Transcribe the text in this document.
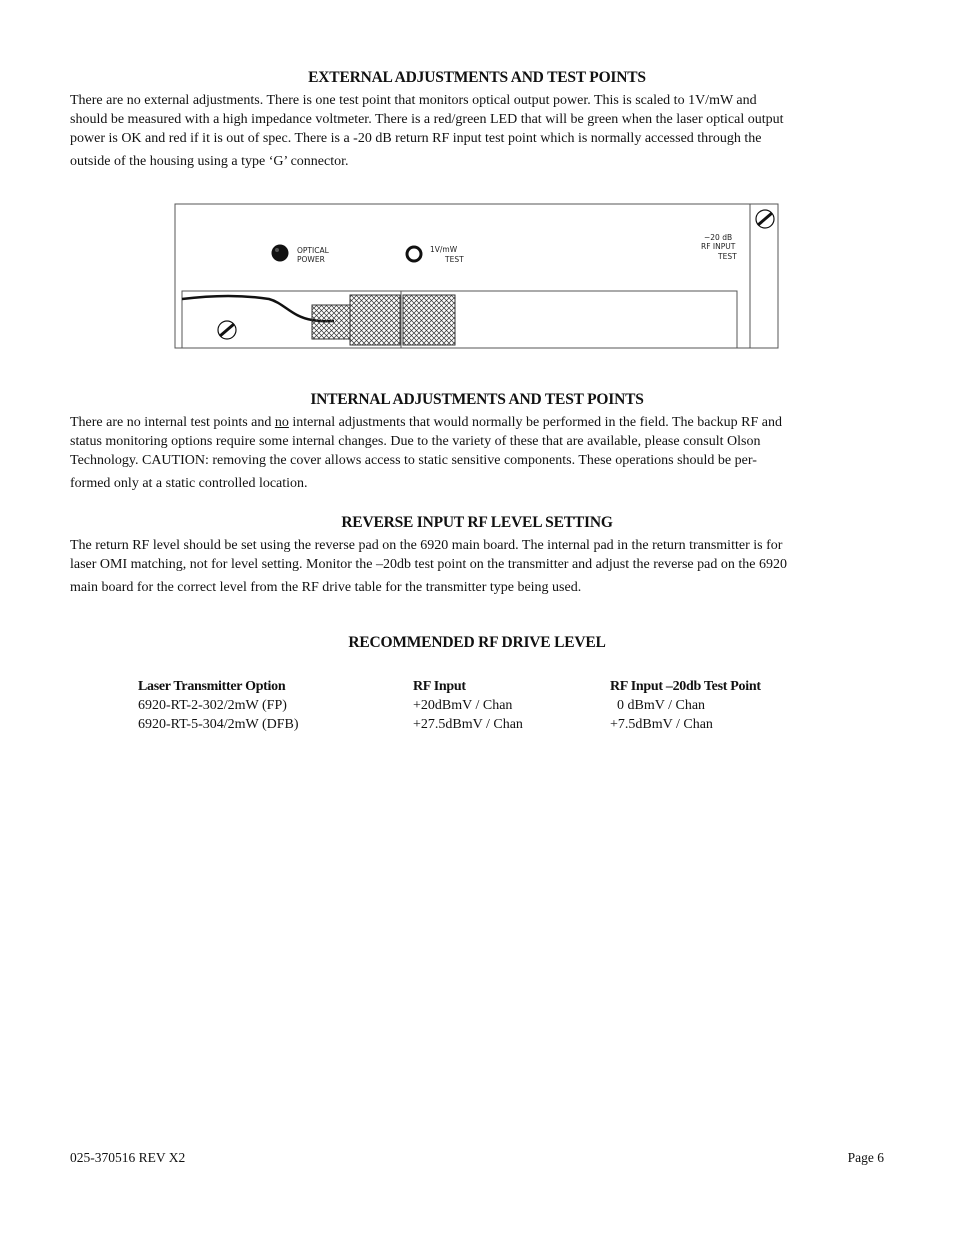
EXTERNAL ADJUSTMENTS AND TEST POINTS

There are no external adjustments. There is one test point that monitors optical output power. This is scaled to 1V/mW and
should be measured with a high impedance voltmeter. There is a red/green LED that will be green when the laser optical output
power is OK and red if it is out of spec. There is a -20 dB return RF input test point which is normally accessed through the
outside of the housing using a type ‘G’ connector.

OPTICAL
POWER
1V/mW
TEST
−20 dB
RF INPUT
TEST
INTERNAL ADJUSTMENTS AND TEST POINTS

There are no internal test points and no internal adjustments that would normally be performed in the field. The backup RF and
status monitoring options require some internal changes. Due to the variety of these that are available, please consult Olson
Technology. CAUTION: removing the cover allows access to static sensitive components. These operations should be per-
formed only at a static controlled location.

REVERSE INPUT RF LEVEL SETTING

The return RF level should be set using the reverse pad on the 6920 main board. The internal pad in the return transmitter is for
laser OMI matching, not for level setting. Monitor the –20db test point on the transmitter and adjust the reverse pad on the 6920
main board for the correct level from the RF drive table for the transmitter type being used.

RECOMMENDED RF DRIVE LEVEL
Laser Transmitter Option
6920-RT-2-302/2mW (FP)
6920-RT-5-304/2mW (DFB)
RF Input
+20dBmV / Chan
+27.5dBmV / Chan
RF Input –20db Test Point
0 dBmV / Chan
+7.5dBmV / Chan
025-370516 REV X2	Page 6
